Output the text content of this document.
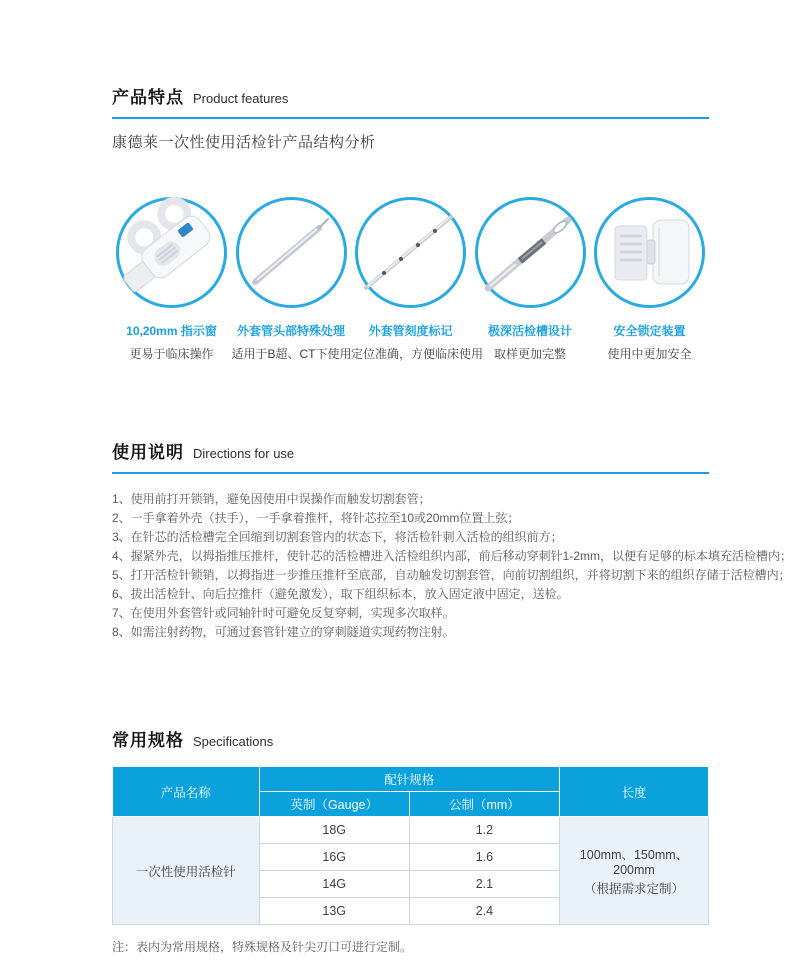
产品特点 Product features
康德莱一次性使用活检针产品结构分析
10,20mm 指示窗
更易于临床操作
外套管头部特殊处理
适用于B超、CT下使用
外套管刻度标记
定位准确，方便临床使用
极深活检槽设计
取样更加完整
安全锁定装置
使用中更加安全
使用说明 Directions for use
1、使用前打开锁销，避免因使用中误操作而触发切割套管；
2、一手拿着外壳（扶手），一手拿着推杆，将针芯拉至10或20mm位置上弦；
3、在针芯的活检槽完全回缩到切割套管内的状态下，将活检针刺入活检的组织前方；
4、握紧外壳，以拇指推压推杆，使针芯的活检槽进入活检组织内部，前后移动穿刺针1-2mm，以便有足够的标本填充活检槽内；
5、打开活检针锁销，以拇指进一步推压推杆至底部，自动触发切割套管，向前切割组织，并将切割下来的组织存储于活检槽内；
6、拔出活检针、向后拉推杆（避免激发），取下组织标本，放入固定液中固定，送检。
7、在使用外套管针或同轴针时可避免反复穿刺，实现多次取样。
8、如需注射药物，可通过套管针建立的穿刺隧道实现药物注射。
常用规格 Specifications
产品名称	配针规格		长度
	英制（Gauge）	公制（mm）	
一次性使用活检针	18G	1.2	100mm、150mm、200mm
（根据需求定制）

	16G	1.6	
	14G	2.1	
	13G	2.4	
注：表内为常用规格，特殊规格及针尖刃口可进行定制。
